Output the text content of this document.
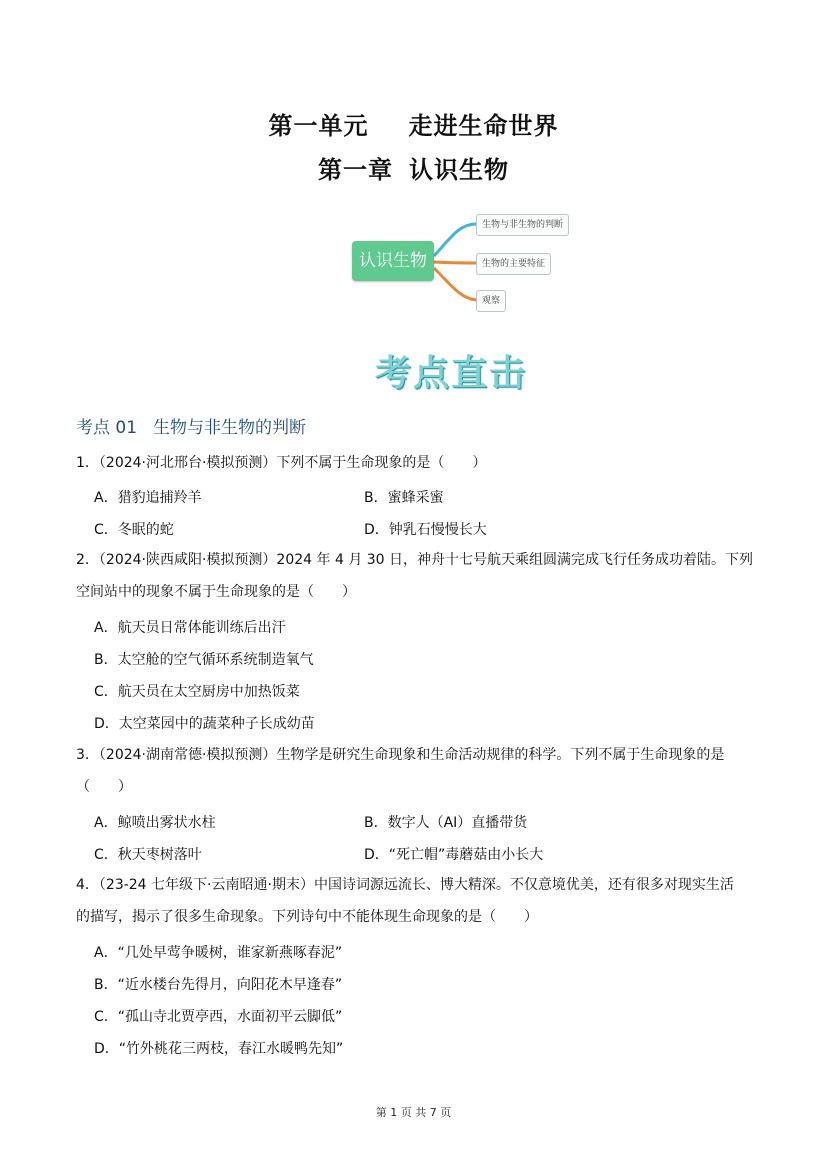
第一单元 走进生命世界
第一章 认识生物
认识生物
生物与非生物的判断
生物的主要特征
观察
考点直击
考点 01 生物与非生物的判断
1．（2024·河北邢台·模拟预测）下列不属于生命现象的是（　　）
A．猎豹追捕羚羊	B．蜜蜂采蜜
C．冬眠的蛇	D．钟乳石慢慢长大
2．（2024·陕西咸阳·模拟预测）2024 年 4 月 30 日，神舟十七号航天乘组圆满完成飞行任务成功着陆。下列
空间站中的现象不属于生命现象的是（　　）
A．航天员日常体能训练后出汗
B．太空舱的空气循环系统制造氧气
C．航天员在太空厨房中加热饭菜
D．太空菜园中的蔬菜种子长成幼苗
3．（2024·湖南常德·模拟预测）生物学是研究生命现象和生命活动规律的科学。下列不属于生命现象的是
（　　）
A．鲸喷出雾状水柱	B．数字人（AI）直播带货
C．秋天枣树落叶	D．“死亡帽”毒蘑菇由小长大
4．（23-24 七年级下·云南昭通·期末）中国诗词源远流长、博大精深。不仅意境优美，还有很多对现实生活
的描写，揭示了很多生命现象。下列诗句中不能体现生命现象的是（　　）
A．“几处早莺争暖树，谁家新燕啄春泥”
B．“近水楼台先得月，向阳花木早逢春”
C．“孤山寺北贾亭西，水面初平云脚低”
D．“竹外桃花三两枝，春江水暖鸭先知”
第 1 页 共 7 页
